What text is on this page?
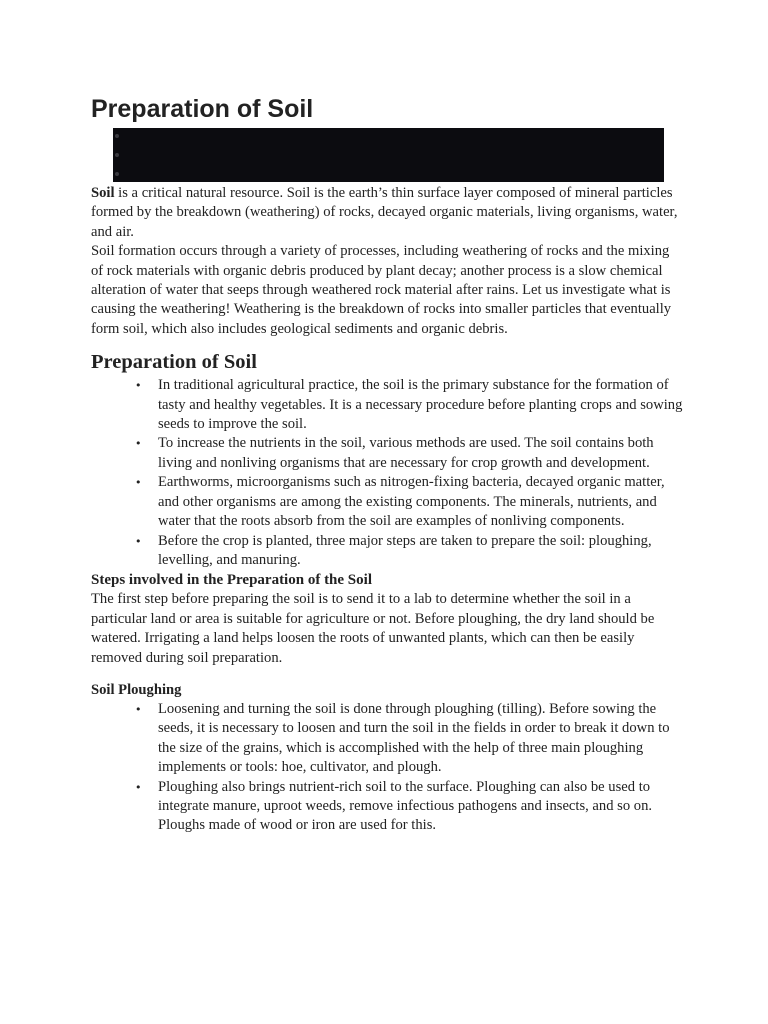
Preparation of Soil

Soil is a critical natural resource. Soil is the earth’s thin surface layer composed of mineral particles formed by the breakdown (weathering) of rocks, decayed organic materials, living organisms, water, and air.

Soil formation occurs through a variety of processes, including weathering of rocks and the mixing of rock materials with organic debris produced by plant decay; another process is a slow chemical alteration of water that seeps through weathered rock material after rains. Let us investigate what is causing the weathering! Weathering is the breakdown of rocks into smaller particles that eventually form soil, which also includes geological sediments and organic debris.

Preparation of Soil
• In traditional agricultural practice, the soil is the primary substance for the formation of tasty and healthy vegetables. It is a necessary procedure before planting crops and sowing seeds to improve the soil.
• To increase the nutrients in the soil, various methods are used. The soil contains both living and nonliving organisms that are necessary for crop growth and development.
• Earthworms, microorganisms such as nitrogen-fixing bacteria, decayed organic matter, and other organisms are among the existing components. The minerals, nutrients, and water that the roots absorb from the soil are examples of nonliving components.
• Before the crop is planted, three major steps are taken to prepare the soil: ploughing, levelling, and manuring.
Steps involved in the Preparation of the Soil

The first step before preparing the soil is to send it to a lab to determine whether the soil in a particular land or area is suitable for agriculture or not. Before ploughing, the dry land should be watered. Irrigating a land helps loosen the roots of unwanted plants, which can then be easily removed during soil preparation.

Soil Ploughing
• Loosening and turning the soil is done through ploughing (tilling). Before sowing the seeds, it is necessary to loosen and turn the soil in the fields in order to break it down to the size of the grains, which is accomplished with the help of three main ploughing implements or tools: hoe, cultivator, and plough.
• Ploughing also brings nutrient-rich soil to the surface. Ploughing can also be used to integrate manure, uproot weeds, remove infectious pathogens and insects, and so on. Ploughs made of wood or iron are used for this.
